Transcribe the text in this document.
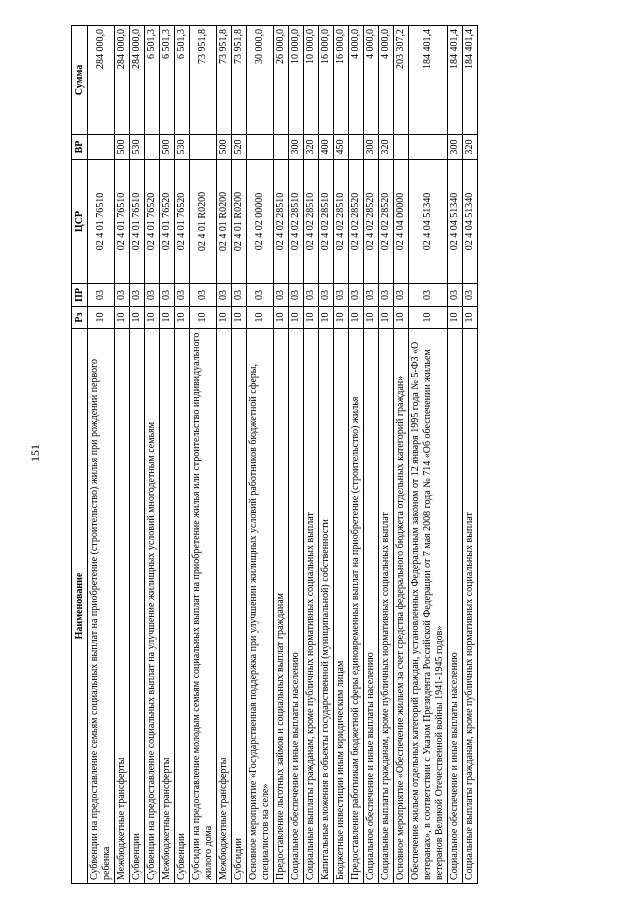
151
Наименование	Рз	ПР	ЦСР	ВР	Сумма
Субвенции на предоставление семьям социальных выплат на приобретение (строительство) жилья при рождении первого ребенка	10	03	02 4 01 76510		284 000,0
Межбюджетные трансферты	10	03	02 4 01 76510	500	284 000,0
Субвенции	10	03	02 4 01 76510	530	284 000,0
Субвенции на предоставление социальных выплат на улучшение жилищных условий многодетным семьям	10	03	02 4 01 76520		6 501,3
Межбюджетные трансферты	10	03	02 4 01 76520	500	6 501,3
Субвенции	10	03	02 4 01 76520	530	6 501,3
Субсидии на предоставление молодым семьям социальных выплат на приобретение жилья или строительство индивидуального жилого дома	10	03	02 4 01 R0200		73 951,8
Межбюджетные трансферты	10	03	02 4 01 R0200	500	73 951,8
Субсидии	10	03	02 4 01 R0200	520	73 951,8
Основное мероприятие «Государственная поддержка при улучшении жилищных условий работников бюджетной сферы, специалистов на селе»	10	03	02 4 02 00000		30 000,0
Предоставление льготных займов и социальных выплат гражданам	10	03	02 4 02 28510		26 000,0
Социальное обеспечение и иные выплаты населению	10	03	02 4 02 28510	300	10 000,0
Социальные выплаты гражданам, кроме публичных нормативных социальных выплат	10	03	02 4 02 28510	320	10 000,0
Капитальные вложения в объекты государственной (муниципальной) собственности	10	03	02 4 02 28510	400	16 000,0
Бюджетные инвестиции иным юридическим лицам	10	03	02 4 02 28510	450	16 000,0
Предоставление работникам бюджетной сферы единовременных выплат на приобретение (строительство) жилья	10	03	02 4 02 28520		4 000,0
Социальное обеспечение и иные выплаты населению	10	03	02 4 02 28520	300	4 000,0
Социальные выплаты гражданам, кроме публичных нормативных социальных выплат	10	03	02 4 02 28520	320	4 000,0
Основное мероприятие «Обеспечение жильем за счет средства федерального бюджета отдельных категорий граждан»	10	03	02 4 04 00000		203 307,2
Обеспечение жильем отдельных категорий граждан, установленных Федеральным законом от 12 января 1995 года № 5-ФЗ «О ветеранах», в соответствии с Указом Президента Российской Федерации от 7 мая 2008 года № 714 «Об обеспечении жильем ветеранов Великой Отечественной войны 1941-1945 годов»	10	03	02 4 04 51340		184 401,4
Социальное обеспечение и иные выплаты населению	10	03	02 4 04 51340	300	184 401,4
Социальные выплаты гражданам, кроме публичных нормативных социальных выплат	10	03	02 4 04 51340	320	184 401,4
